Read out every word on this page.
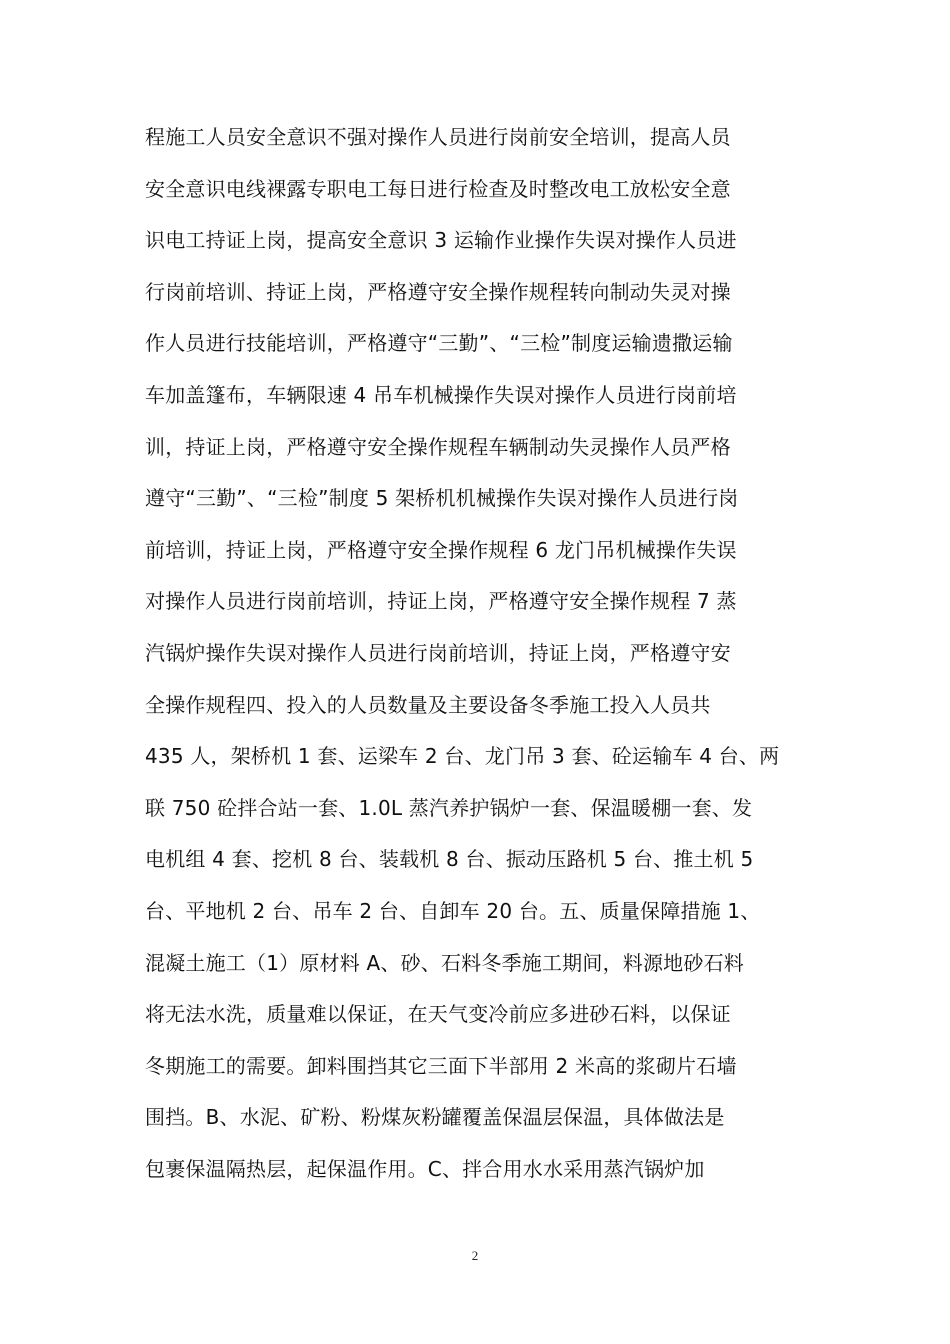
程施工人员安全意识不强对操作人员进行岗前安全培训，提高人员
安全意识电线裸露专职电工每日进行检查及时整改电工放松安全意
识电工持证上岗，提高安全意识 3 运输作业操作失误对操作人员进
行岗前培训、持证上岗，严格遵守安全操作规程转向制动失灵对操
作人员进行技能培训，严格遵守“三勤”、“三检”制度运输遗撒运输
车加盖篷布，车辆限速 4 吊车机械操作失误对操作人员进行岗前培
训，持证上岗，严格遵守安全操作规程车辆制动失灵操作人员严格
遵守“三勤”、“三检”制度 5 架桥机机械操作失误对操作人员进行岗
前培训，持证上岗，严格遵守安全操作规程 6 龙门吊机械操作失误
对操作人员进行岗前培训，持证上岗，严格遵守安全操作规程 7 蒸
汽锅炉操作失误对操作人员进行岗前培训，持证上岗，严格遵守安
全操作规程四、投入的人员数量及主要设备冬季施工投入人员共
435 人，架桥机 1 套、运梁车 2 台、龙门吊 3 套、砼运输车 4 台、两
联 750 砼拌合站一套、1.0L 蒸汽养护锅炉一套、保温暖棚一套、发
电机组 4 套、挖机 8 台、装载机 8 台、振动压路机 5 台、推土机 5
台、平地机 2 台、吊车 2 台、自卸车 20 台。五、质量保障措施 1、
混凝土施工（1）原材料 A、砂、石料冬季施工期间，料源地砂石料
将无法水洗，质量难以保证，在天气变冷前应多进砂石料，以保证
冬期施工的需要。卸料围挡其它三面下半部用 2 米高的浆砌片石墙
围挡。B、水泥、矿粉、粉煤灰粉罐覆盖保温层保温，具体做法是
包裹保温隔热层，起保温作用。C、拌合用水水采用蒸汽锅炉加
2
